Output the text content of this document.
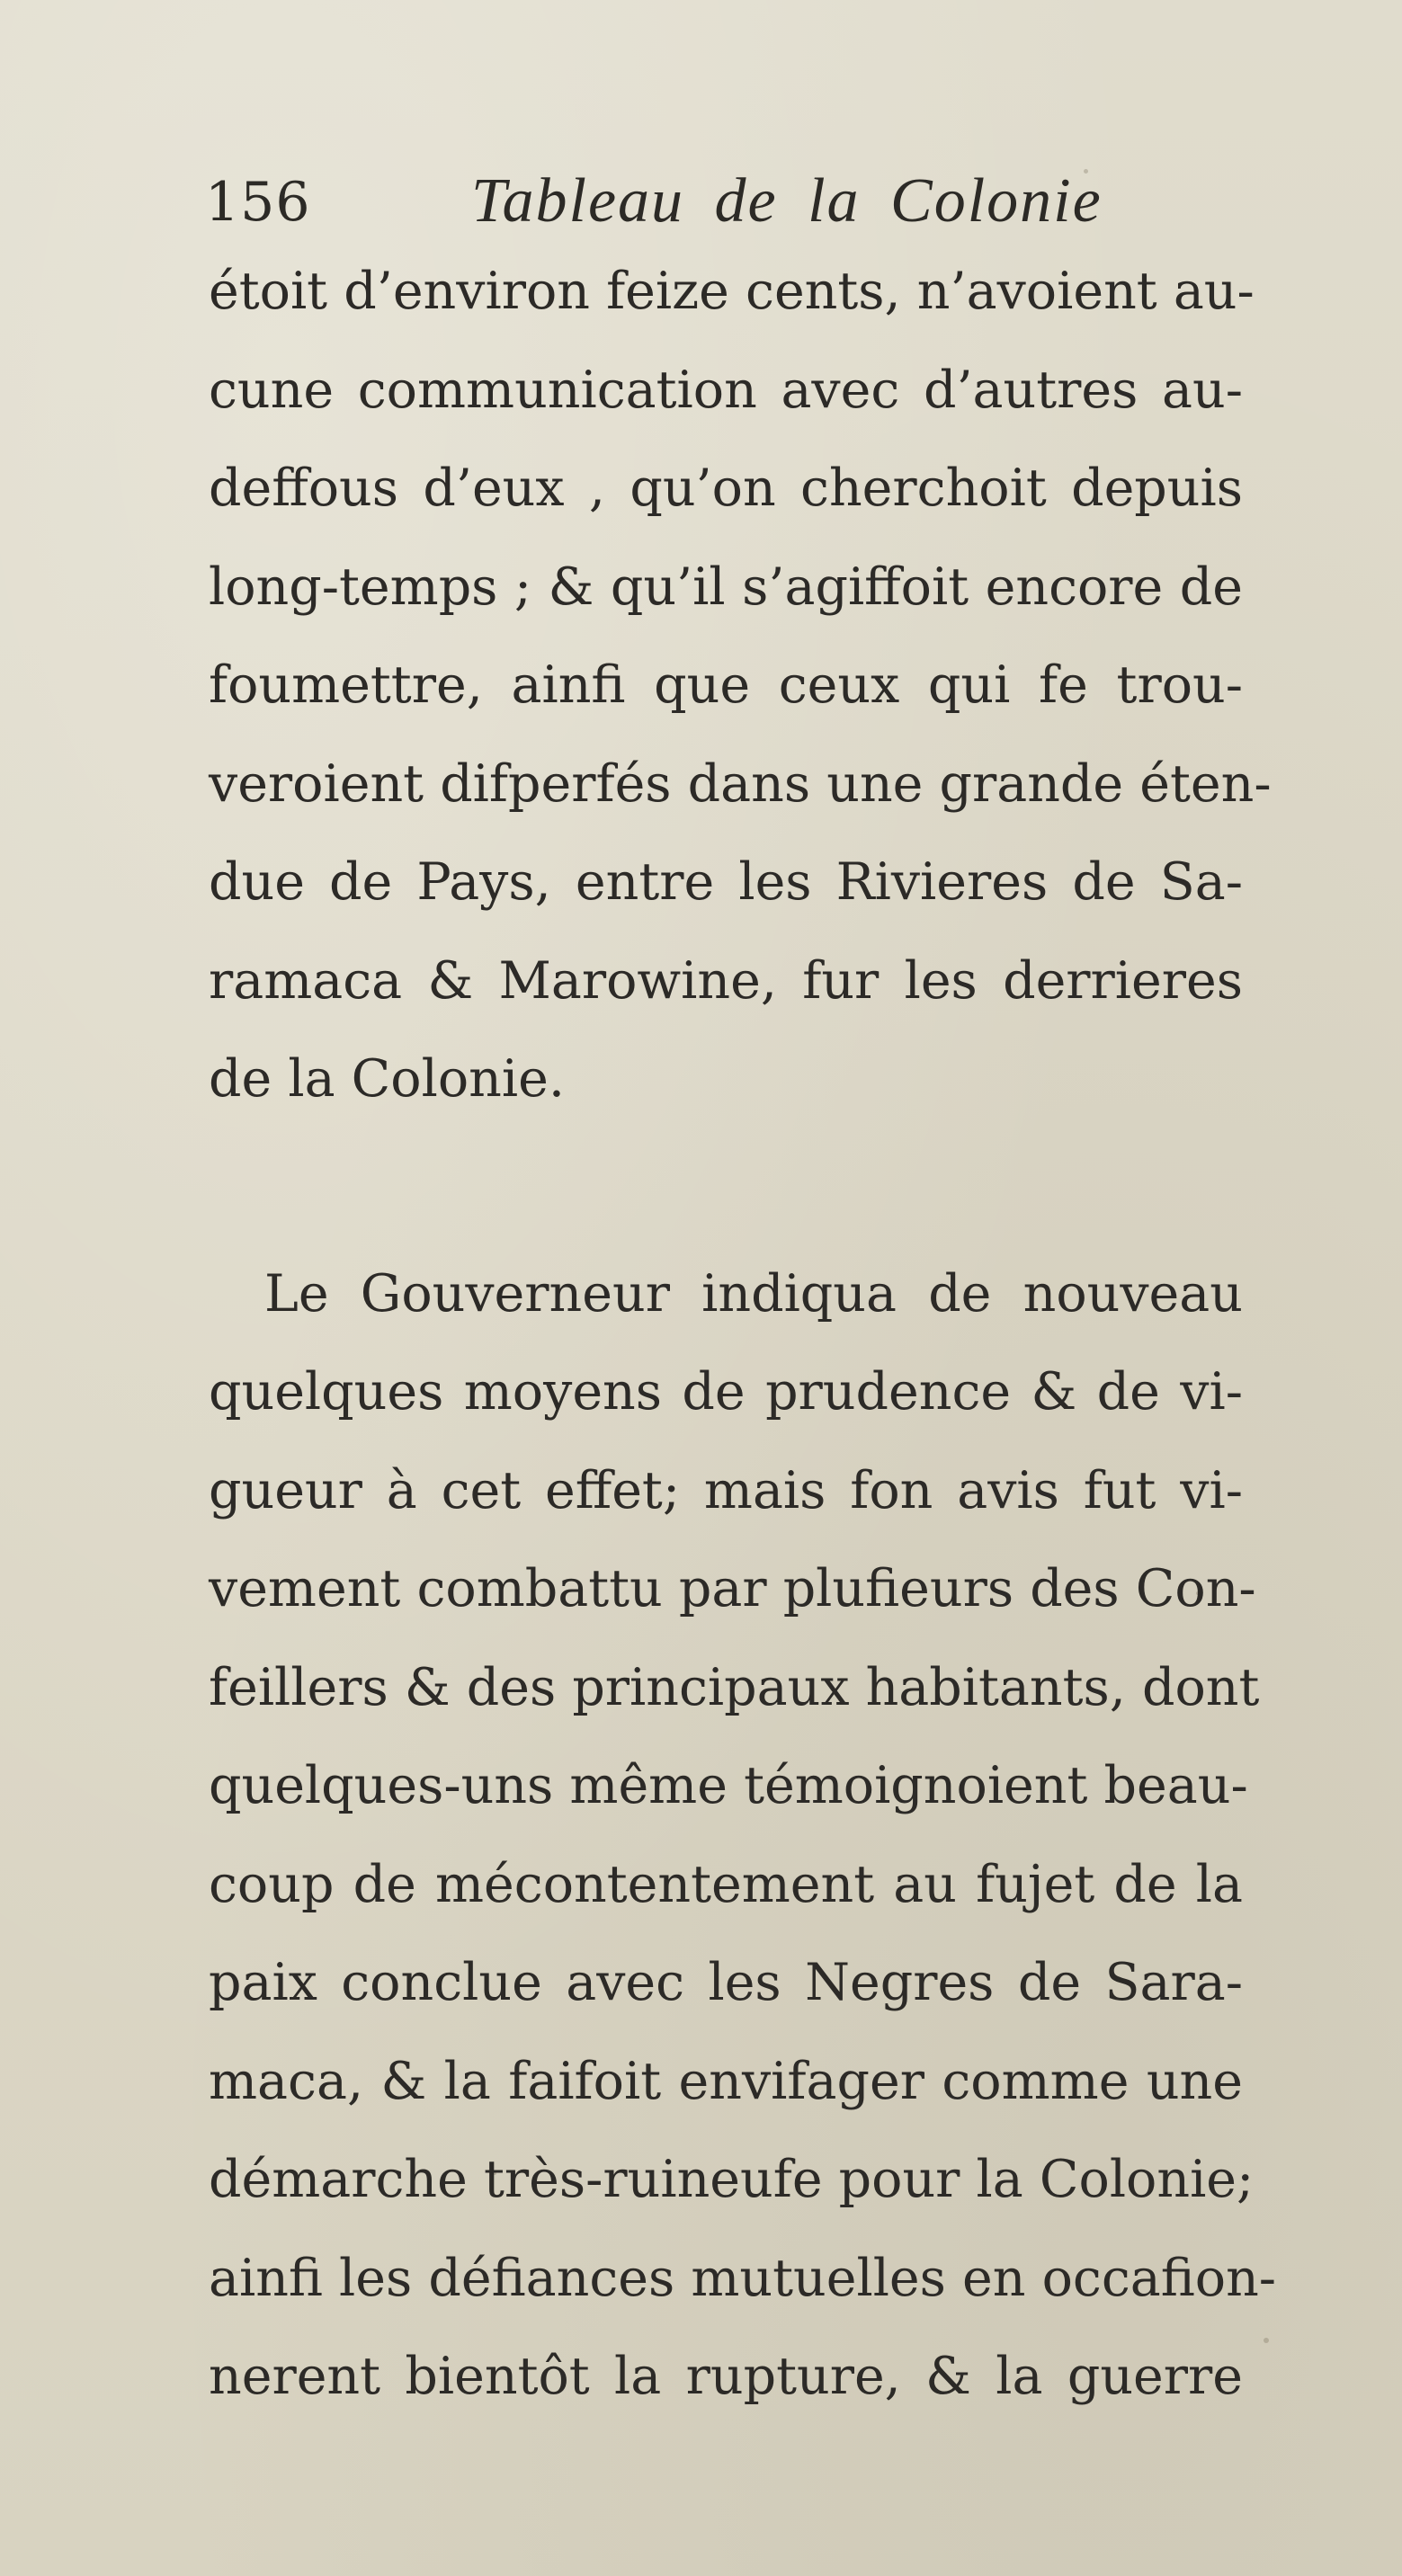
156	Tableau de la Colonie
étoit d’environ feize cents, n’avoient au-
cune communication avec d’autres au-
deffous d’eux , qu’on cherchoit depuis
long-temps ; & qu’il s’agiffoit encore de
foumettre, ainfi que ceux qui fe trou-
veroient difperfés dans une grande éten-
due de Pays, entre les Rivieres de Sa-
ramaca & Marowine, fur les derrieres
de la Colonie.
Le Gouverneur indiqua de nouveau
quelques moyens de prudence & de vi-
gueur à cet effet; mais fon avis fut vi-
vement combattu par plufieurs des Con-
feillers & des principaux habitants, dont
quelques-uns même témoignoient beau-
coup de mécontentement au fujet de la
paix conclue avec les Negres de Sara-
maca, & la faifoit envifager comme une
démarche très-ruineufe pour la Colonie;
ainfi les défiances mutuelles en occafion-
nerent bientôt la rupture, & la guerre
